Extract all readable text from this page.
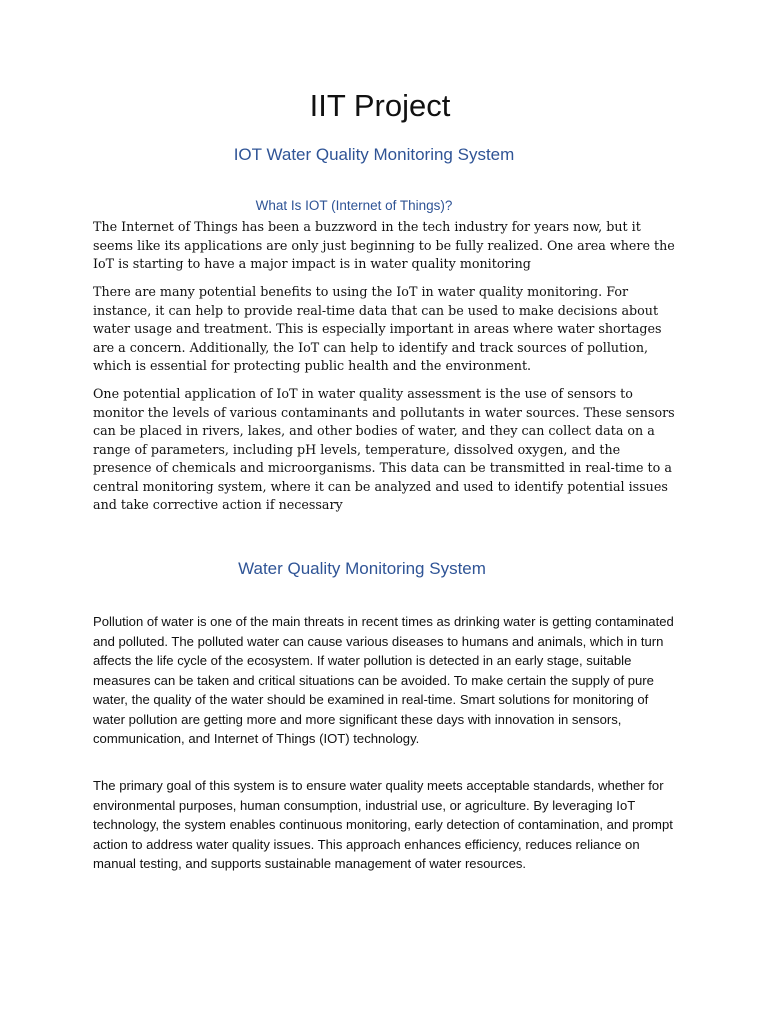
IIT Project
IOT Water Quality Monitoring System
What Is IOT (Internet of Things)?

The Internet of Things has been a buzzword in the tech industry for years now, but it seems like its applications are only just beginning to be fully realized. One area where the IoT is starting to have a major impact is in water quality monitoring

There are many potential benefits to using the IoT in water quality monitoring. For instance, it can help to provide real-time data that can be used to make decisions about water usage and treatment. This is especially important in areas where water shortages are a concern. Additionally, the IoT can help to identify and track sources of pollution, which is essential for protecting public health and the environment.

One potential application of IoT in water quality assessment is the use of sensors to monitor the levels of various contaminants and pollutants in water sources. These sensors can be placed in rivers, lakes, and other bodies of water, and they can collect data on a range of parameters, including pH levels, temperature, dissolved oxygen, and the presence of chemicals and microorganisms. This data can be transmitted in real-time to a central monitoring system, where it can be analyzed and used to identify potential issues and take corrective action if necessary

Water Quality Monitoring System

Pollution of water is one of the main threats in recent times as drinking water is getting contaminated and polluted. The polluted water can cause various diseases to humans and animals, which in turn affects the life cycle of the ecosystem. If water pollution is detected in an early stage, suitable measures can be taken and critical situations can be avoided. To make certain the supply of pure water, the quality of the water should be examined in real-time. Smart solutions for monitoring of water pollution are getting more and more significant these days with innovation in sensors, communication, and Internet of Things (IOT) technology.

The primary goal of this system is to ensure water quality meets acceptable standards, whether for environmental purposes, human consumption, industrial use, or agriculture. By leveraging IoT technology, the system enables continuous monitoring, early detection of contamination, and prompt action to address water quality issues. This approach enhances efficiency, reduces reliance on manual testing, and supports sustainable management of water resources.
